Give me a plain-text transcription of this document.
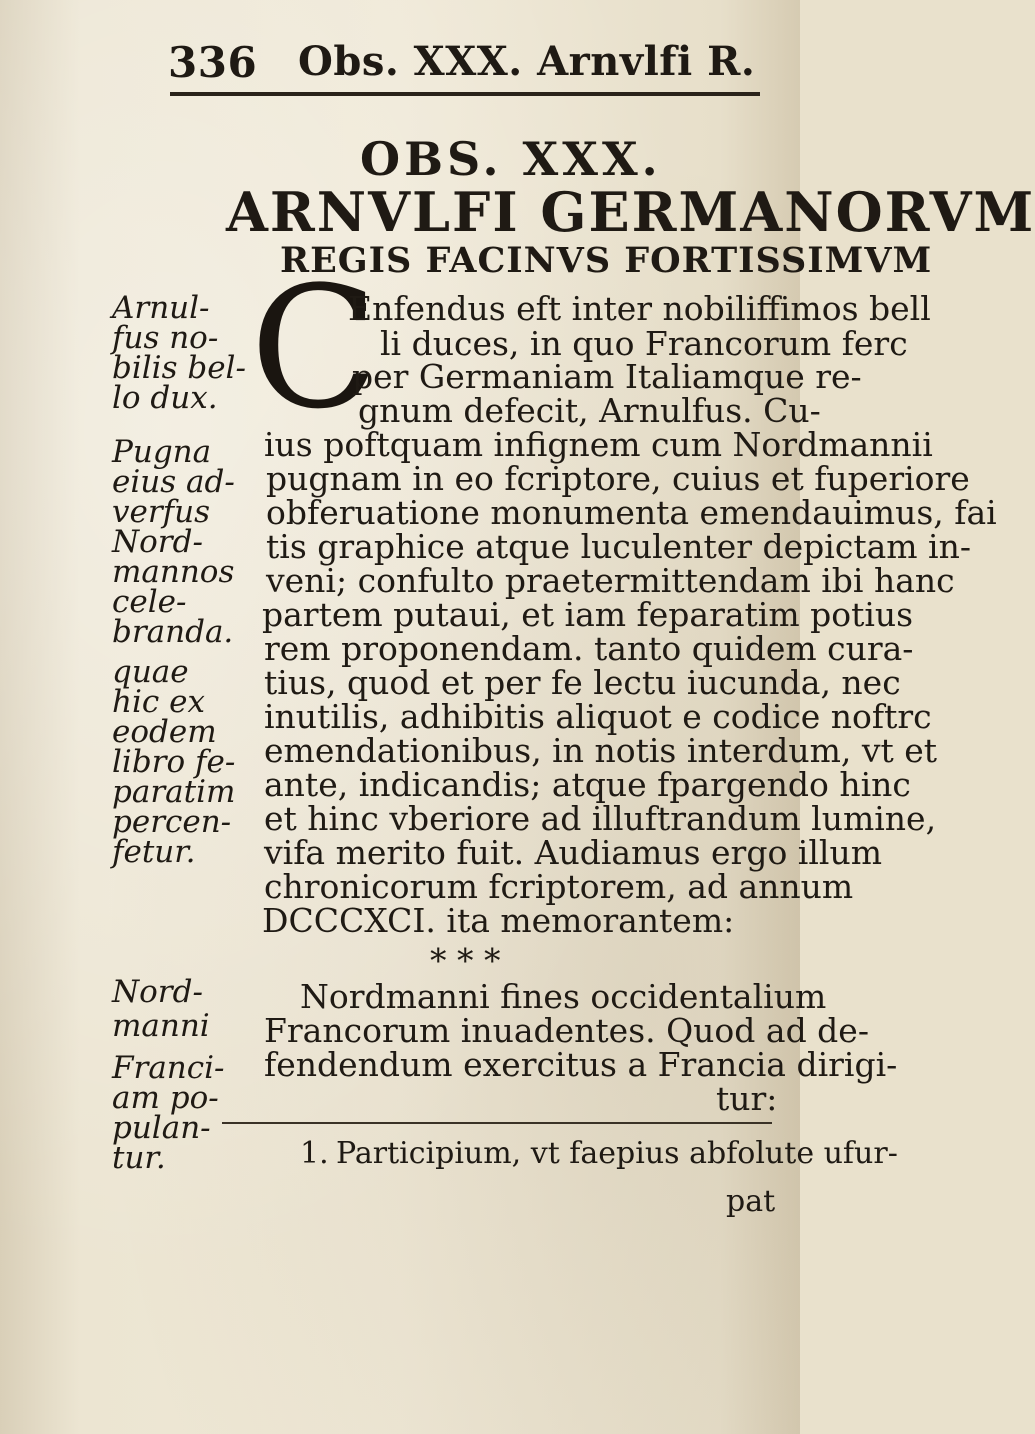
336 Obs. XXX. Arnvlfi R.
OBS. XXX.
ARNVLFI GERMANORVM
REGIS FACINVS FORTISSIMVM
C
Enfendus eft inter nobiliffimos bell
li duces, in quo Francorum ferc
per Germaniam Italiamque re-
gnum defecit, Arnulfus. Cu-
ius poftquam infignem cum Nordmannii
pugnam in eo fcriptore, cuius et fuperiore
obferuatione monumenta emendauimus, fai
tis graphice atque luculenter depictam in-
veni; confulto praetermittendam ibi hanc
partem putaui, et iam feparatim potius
rem proponendam. tanto quidem cura-
tius, quod et per fe lectu iucunda, nec
inutilis, adhibitis aliquot e codice noftrc
emendationibus, in notis interdum, vt et
ante, indicandis; atque fpargendo hinc
et hinc vberiore ad illuftrandum lumine,
vifa merito fuit. Audiamus ergo illum
chronicorum fcriptorem, ad annum
DCCCXCI. ita memorantem:
* * *
Nordmanni fines occidentalium
Francorum inuadentes. Quod ad de-
fendendum exercitus a Francia dirigi-
tur:
Arnul-
fus no-
bilis bel-
lo dux.
Pugna
eius ad-
verfus
Nord-
mannos
cele-
branda.
quae
hic ex
eodem
libro fe-
paratim
percen-
fetur.
Nord-
manni
Franci-
am po-
pulan-
tur.	1. Participium, vt faepius abfolute ufur-
pat
